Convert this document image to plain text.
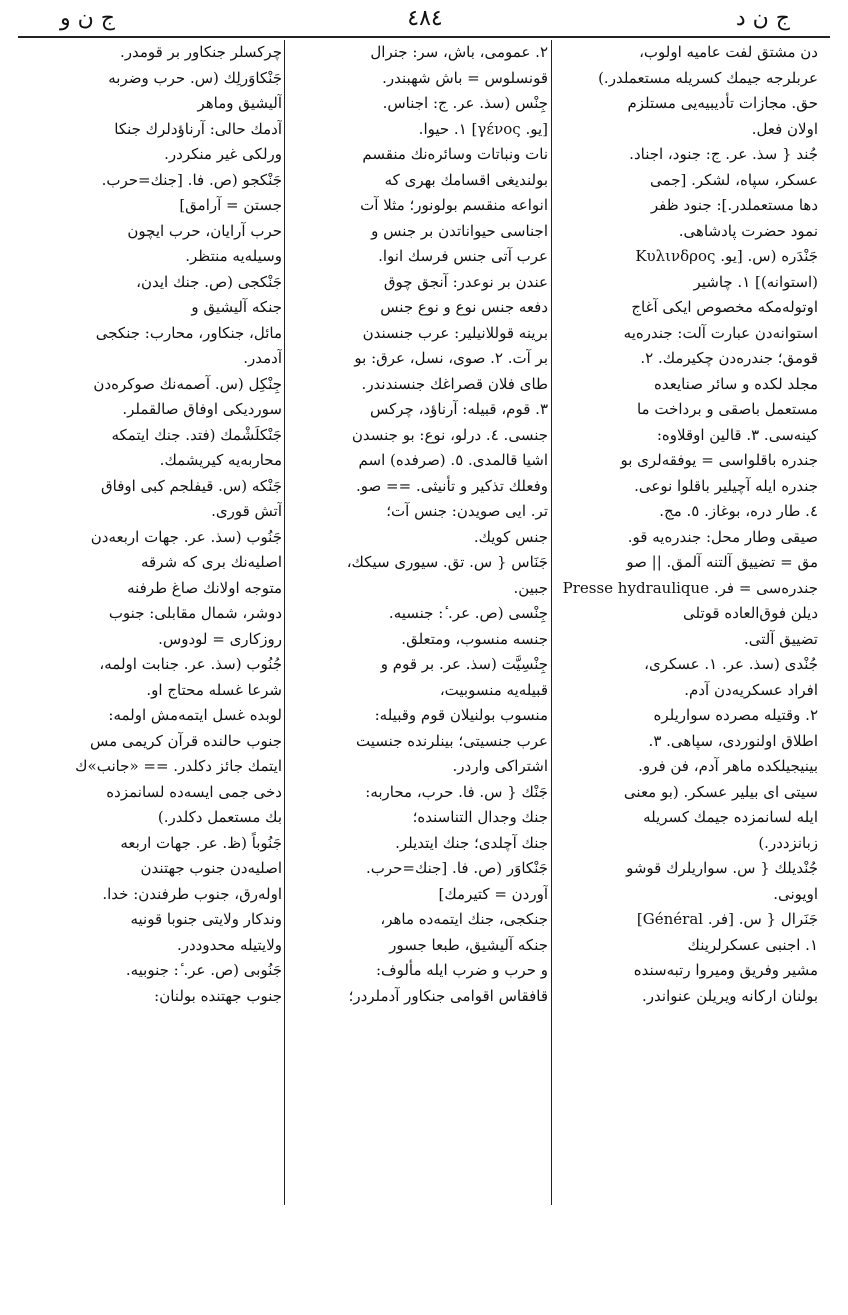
ج ن د
٤٨٤
ج ن و
دن مشتق لفت عاميه اولوب،
عربلرجه جيمك كسريله مستعملدر.)
حق. مجازات تأديبيه‌يى مستلزم
اولان فعل.
جُند { سذ. عر. ج: جنود، اجناد.
عسكر، سپاه، لشكر. [جمى
دها مستعملدر.]: جنود ظفر
نمود حضرت پادشاهى.
جَنْدَره (س. [يو. Κυλινδρος
(استوانه)] ١. چاشير
اوتوله‌مكه مخصوص ايكى آغاج
استوانه‌دن عبارت آلت: جندره‌يه
قومق؛ جندره‌دن چكيرمك. ٢.
مجلد لكده و سائر صنايعده
مستعمل باصقى و برداخت ما
كينه‌سى. ٣. قالين اوقلاوه:
جندره باقلواسى = يوفقه‌لرى بو
جندره ايله آچيلير باقلوا نوعى.
٤. طار دره، بوغاز. ٥. مج.
صيقى وطار محل: جندره‌يه قو.
مق = تضييق آلتنه آلمق. || صو
جندره‌سى = فر. Presse hydraulique
ديلن فوق‌العاده قوتلى
تضييق آلتى.
جُنْدى (سذ. عر. ١. عسكرى،
افراد عسكريه‌دن آدم.
٢. وقتيله مصرده سواريلره
اطلاق اولنوردى، سپاهى. ٣.
بينيجيلكده ماهر آدم، فن فرو.
سيتى اى بيلير عسكر. (بو معنى
ايله لسانمزده جيمك كسريله
زبانزددر.)
جُنْديلك { س. سواريلرك قوشو
اويونى.
جَنَرال { س. [فر. Général]
١. اجنبى عسكرلرينك
مشير وفريق وميروا رتبه‌سنده
بولنان اركانه ويريلن عنواندر.
٢. عمومى، باش، سر: جنرال
قونسلوس = باش شهبندر.
جِنْس (سذ. عر. ج: اجناس.
[يو. γένος] ١. حيوا.
نات ونباتات وسائره‌نك منقسم
بولنديغى اقسامك بهرى كه
انواعه منقسم بولونور؛ مثلا آت
اجناسى حيواناتدن بر جنس و
عرب آتى جنس فرسك انوا.
عندن بر نوعدر: آنجق چوق
دفعه جنس نوع و نوع جنس
برينه قوللانيلير: عرب جنسندن
بر آت. ٢. صوى، نسل، عرق: بو
طاى فلان قصراغك جنسندندر.
٣. قوم، قبيله: آرناؤد، چركس
جنسى. ٤. درلو، نوع: بو جنسدن
اشيا قالمدى. ٥. (صرفده) اسم
وفعلك تذكير و تأنيثى. == صو.
تر. ايى صويدن: جنس آت؛
جنس كويك.
جَنَاس { س. تق. سيورى سيكك،
جبين.
جِنْسى (ص. عر. ٔ: جنسيه.
جنسه منسوب، ومتعلق.
جِنْسِيَّت (سذ. عر. بر قوم و
قبيله‌يه منسوبيت،
منسوب بولنيلان قوم وقبيله:
عرب جنسيتى؛ بينلرنده جنسيت
اشتراكى واردر.
جَنْك { س. فا. حرب، محاربه:
جنك وجدال التناسنده؛
جنك آچلدى؛ جنك ايتديلر.
جَنْكاوَر (ص. فا. [جنك=حرب.
آوردن = كتيرمك]
جنكجى، جنك ايتمه‌ده ماهر،
جنكه آليشيق، طبعا جسور
و حرب و ضرب ايله مألوف:
قافقاس اقوامى جنكاور آدملردر؛
چركسلر جنكاور بر قومدر.
جَنْكاوَرلِك (س. حرب وضربه
آليشيق وماهر
آدمك حالى: آرناؤدلرك جنكا
ورلكى غير منكردر.
جَنْكجو (ص. فا. [جنك=حرب.
جستن = آرامق]
حرب آرايان، حرب ايچون
وسيله‌يه منتظر.
جَنْكجى (ص. جنك ايدن،
جنكه آليشيق و
مائل، جنكاور، محارب: جنكجى
آدمدر.
جِنْكِل (س. آصمه‌نك صوكره‌دن
سورديكى اوفاق صالقملر.
جَنْكلَشْمك (فتد. جنك ايتمكه
محاربه‌يه كيريشمك.
جَنْكه (س. قيفلجم كبى اوفاق
آتش قورى.
جَنُوب (سذ. عر. جهات اربعه‌دن
اصليه‌نك برى كه شرقه
متوجه اولانك صاغ طرفنه
دوشر، شمال مقابلى: جنوب
روزكارى = لودوس.
جُنُوب (سذ. عر. جنابت اولمه،
شرعا غسله محتاج او.
لوبده غسل ايتمه‌مش اولمه:
جنوب حالنده قرآن كريمى مس
ايتمك جائز دكلدر. == «جانب»ك
دخى جمى ايسه‌ده لسانمزده
بك مستعمل دكلدر.)
جَنُوباً (ظ. عر. جهات اربعه
اصليه‌دن جنوب جهتندن
اوله‌رق، جنوب طرفندن: خدا.
وندكار ولايتى جنوبا قونيه
ولايتيله محدوددر.
جَنُوبى (ص. عر. ٔ: جنوبيه.
جنوب جهتنده بولنان:
